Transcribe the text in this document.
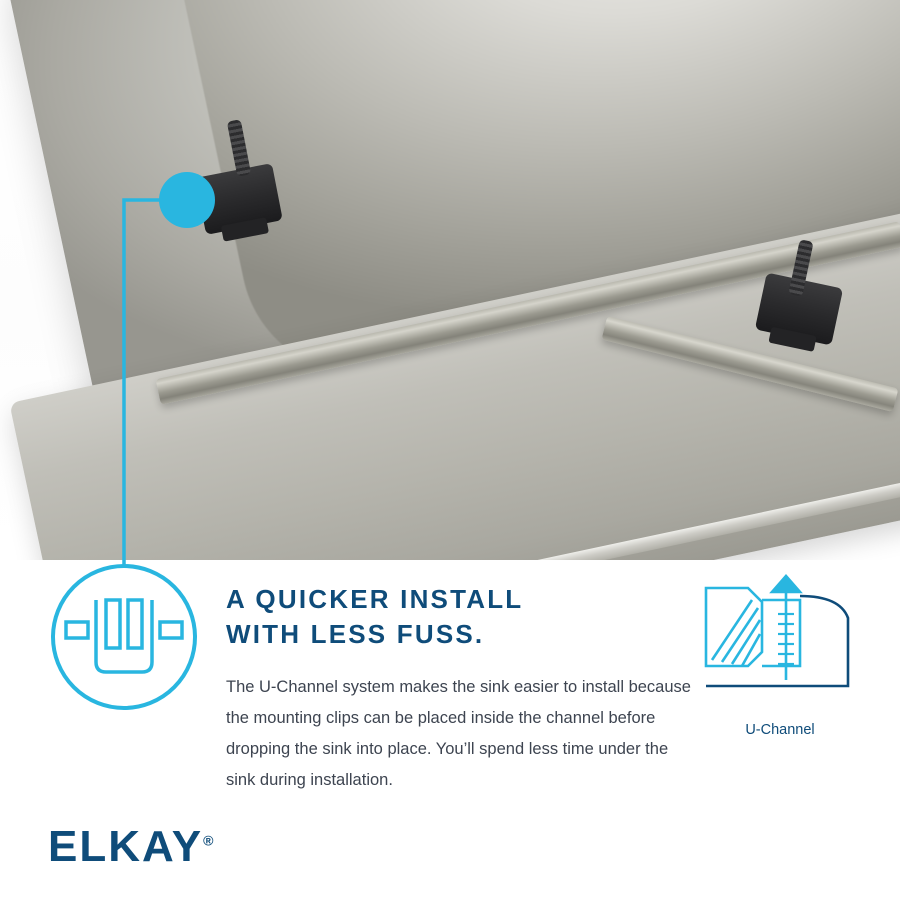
A QUICKER INSTALL
WITH LESS FUSS.
The U-Channel system makes the sink easier to install because the mounting clips can be placed inside the channel before dropping the sink into place. You’ll spend less time under the sink during installation.
U-Channel
ELKAY®
